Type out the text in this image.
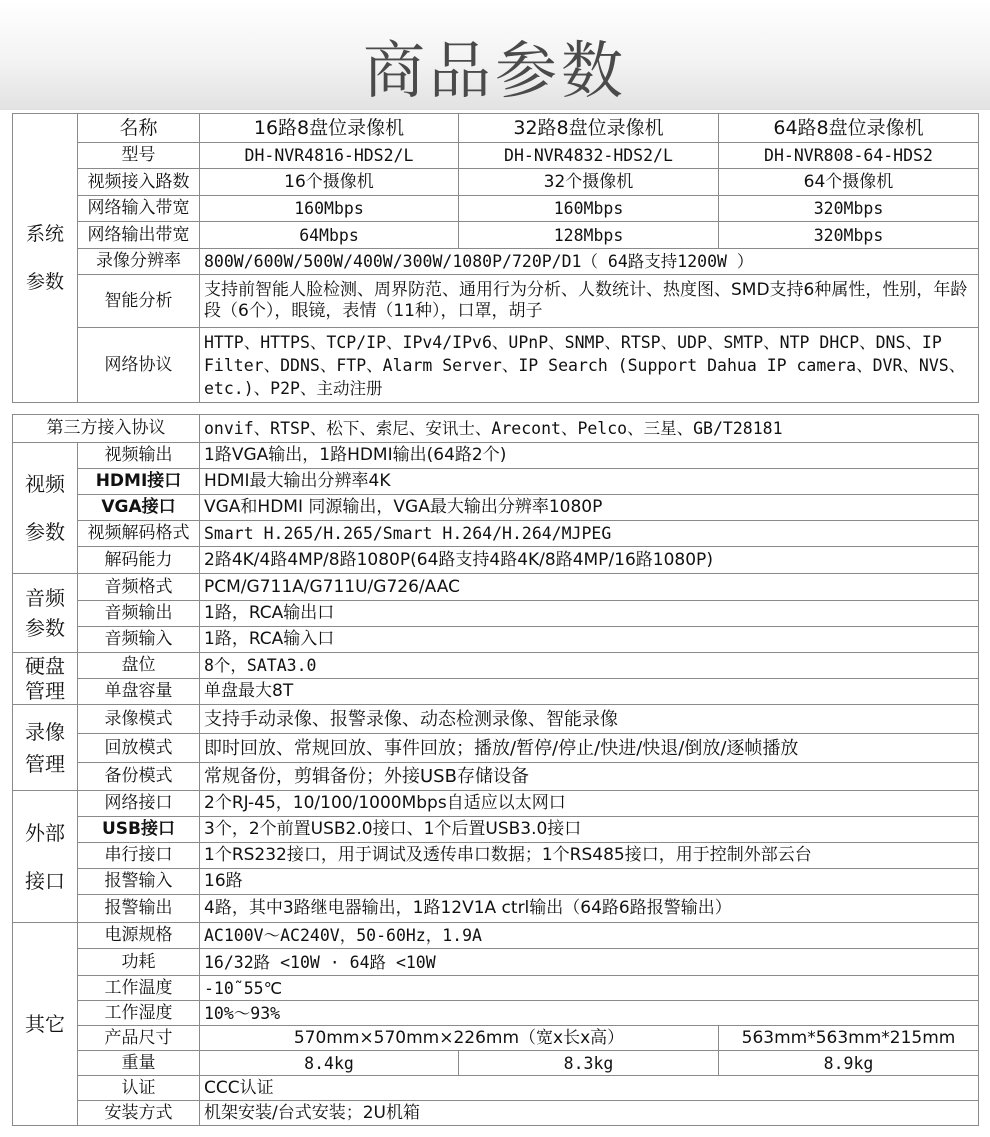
商品参数
系统参数	名称	16路8盘位录像机	32路8盘位录像机	64路8盘位录像机
	型号	DH-NVR4816-HDS2/L	DH-NVR4832-HDS2/L	DH-NVR808-64-HDS2
	视频接入路数	16个摄像机	32个摄像机	64个摄像机
	网络输入带宽	160Mbps	160Mbps	320Mbps
	网络输出带宽	64Mbps	128Mbps	320Mbps
	录像分辨率	800W/600W/500W/400W/300W/1080P/720P/D1（ 64路支持1200W ）		
	智能分析	支持前智能人脸检测、周界防范、通用行为分析、人数统计、热度图、SMD支持6种属性，性别，年龄段（6个），眼镜，表情（11种），口罩，胡子		
	网络协议	HTTP、HTTPS、TCP/IP、IPv4/IPv6、UPnP、SNMP、RTSP、UDP、SMTP、NTP DHCP、DNS、IP Filter、DDNS、FTP、Alarm Server、IP Search (Support Dahua IP camera、DVR、NVS、etc.)、P2P、主动注册		
第三方接入协议		onvif、RTSP、松下、索尼、安讯士、Arecont、Pelco、三星、GB/T28181		
视频参数	视频输出	1路VGA输出，1路HDMI输出(64路2个)		
	HDMI接口	HDMI最大输出分辨率4K		
	VGA接口	VGA和HDMI 同源输出，VGA最大输出分辨率1080P		
	视频解码格式	Smart H.265/H.265/Smart H.264/H.264/MJPEG		
	解码能力	2路4K/4路4MP/8路1080P(64路支持4路4K/8路4MP/16路1080P)		
音频参数	音频格式	PCM/G711A/G711U/G726/AAC		
	音频输出	1路，RCA输出口		
	音频输入	1路，RCA输入口		
硬盘管理	盘位	8个，SATA3.0		
	单盘容量	单盘最大8T		
录像管理	录像模式	支持手动录像、报警录像、动态检测录像、智能录像		
	回放模式	即时回放、常规回放、事件回放；播放/暂停/停止/快进/快退/倒放/逐帧播放		
	备份模式	常规备份，剪辑备份；外接USB存储设备		
外部接口	网络接口	2个RJ-45，10/100/1000Mbps自适应以太网口		
	USB接口	3个，2个前置USB2.0接口、1个后置USB3.0接口		
	串行接口	1个RS232接口，用于调试及透传串口数据；1个RS485接口，用于控制外部云台		
	报警输入	16路		
	报警输出	4路，其中3路继电器输出，1路12V1A ctrl输出（64路6路报警输出）		
其它	电源规格	AC100V～AC240V，50-60Hz，1.9A		
	功耗	16/32路 <10W · 64路 <10W		
	工作温度	-10˜55℃		
	工作湿度	10%～93%		
	产品尺寸	570mm×570mm×226mm（宽x长x高）		563mm*563mm*215mm
	重量	8.4kg	8.3kg	8.9kg
	认证	CCC认证		
	安装方式	机架安装/台式安装；2U机箱		
